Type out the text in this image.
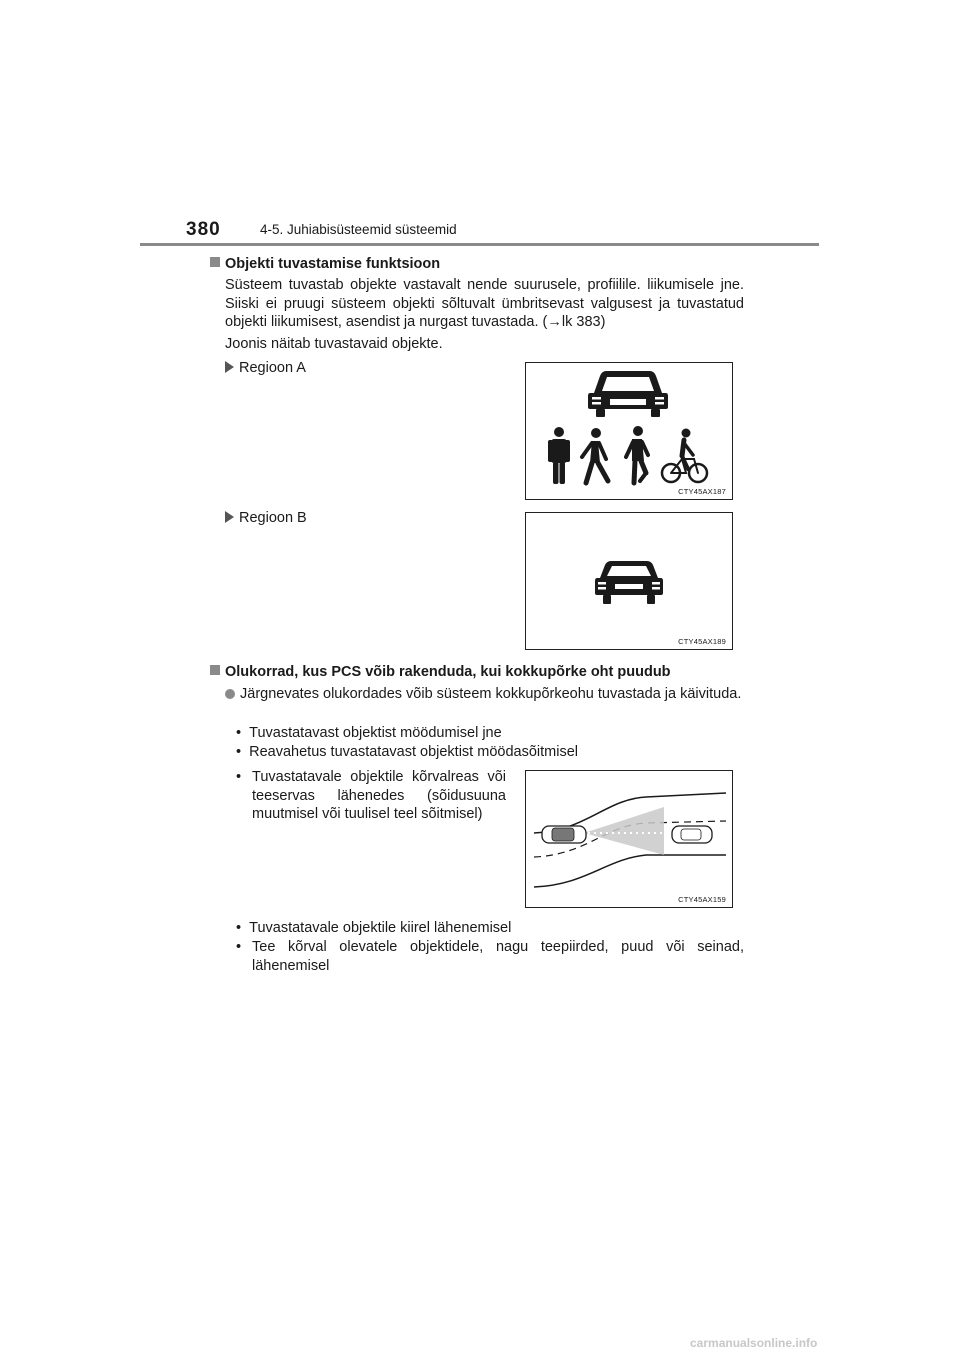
380	4-5. Juhiabisüsteemid süsteemid
Objekti tuvastamise funktsioon
Süsteem tuvastab objekte vastavalt nende suurusele, profiilile. liikumisele jne. Siiski ei pruugi süsteem objekti sõltuvalt ümbritsevast valgusest ja tuvastatud objekti liikumisest, asendist ja nurgast tuvastada. (→lk 383)
Joonis näitab tuvastavaid objekte.
Regioon A
CTY45AX187
Regioon B
CTY45AX189
Olukorrad, kus PCS võib rakenduda, kui kokkupõrke oht puudub
Järgnevates olukordades võib süsteem kokkupõrkeohu tuvastada ja käivituda.
•  Tuvastatavast objektist möödumisel jne
•  Reavahetus tuvastatavast objektist möödasõitmisel
• Tuvastatavale objektile kõrvalreas või teeservas lähenedes (sõidusuuna muutmisel või tuulisel teel sõitmisel)
CTY45AX159
•  Tuvastatavale objektile kiirel lähenemisel
• Tee kõrval olevatele objektidele, nagu teepiirded, puud või seinad, lähenemisel
carmanualsonline.info
